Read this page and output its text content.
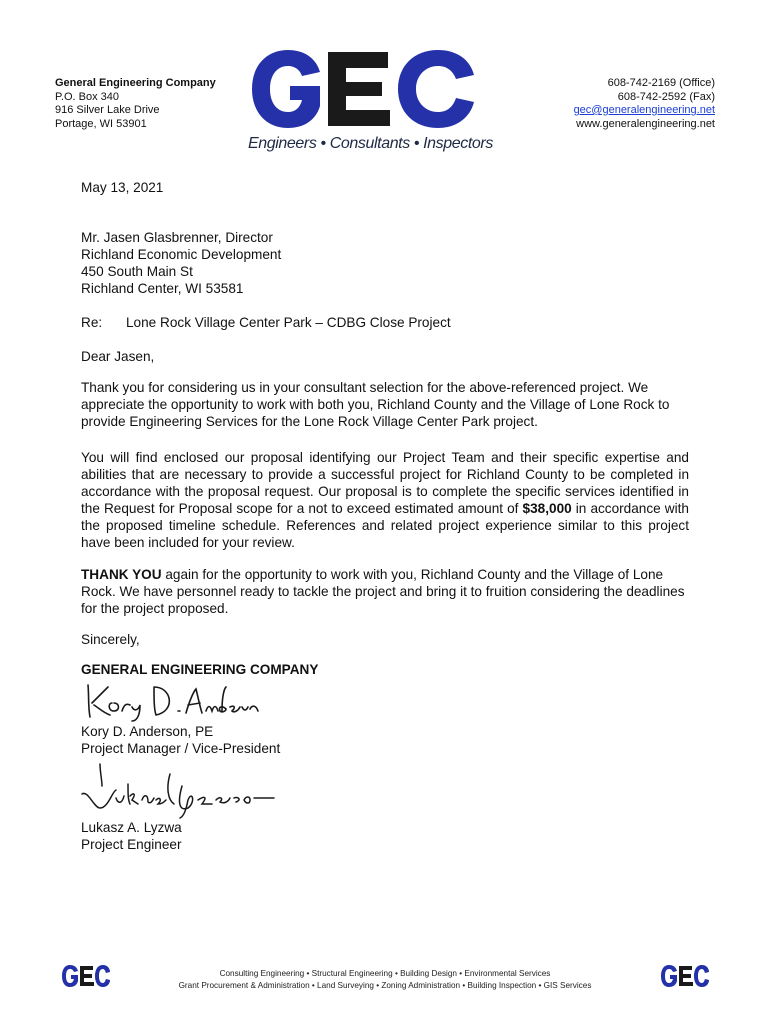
General Engineering Company
P.O. Box 340
916 Silver Lake Drive
Portage, WI 53901
Engineers • Consultants • Inspectors
608-742-2169 (Office)
608-742-2592 (Fax)
gec@generalengineering.net
www.generalengineering.net

May 13, 2021

Mr. Jasen Glasbrenner, Director

Richland Economic Development

450 South Main St

Richland Center, WI 53581

Re: Lone Rock Village Center Park – CDBG Close Project

Dear Jasen,

Thank you for considering us in your consultant selection for the above-referenced project. We appreciate the opportunity to work with both you, Richland County and the Village of Lone Rock to provide Engineering Services for the Lone Rock Village Center Park project.

You will find enclosed our proposal identifying our Project Team and their specific expertise and abilities that are necessary to provide a successful project for Richland County to be completed in accordance with the proposal request. Our proposal is to complete the specific services identified in the Request for Proposal scope for a not to exceed estimated amount of $38,000 in accordance with the proposed timeline schedule. References and related project experience similar to this project have been included for your review.

THANK YOU again for the opportunity to work with you, Richland County and the Village of Lone Rock. We have personnel ready to tackle the project and bring it to fruition considering the deadlines for the project proposed.

Sincerely,

GENERAL ENGINEERING COMPANY

Kory D. Anderson, PE

Project Manager / Vice-President

Lukasz A. Lyzwa

Project Engineer

Consulting Engineering • Structural Engineering • Building Design • Environmental Services
Grant Procurement & Administration • Land Surveying • Zoning Administration • Building Inspection • GIS Services
